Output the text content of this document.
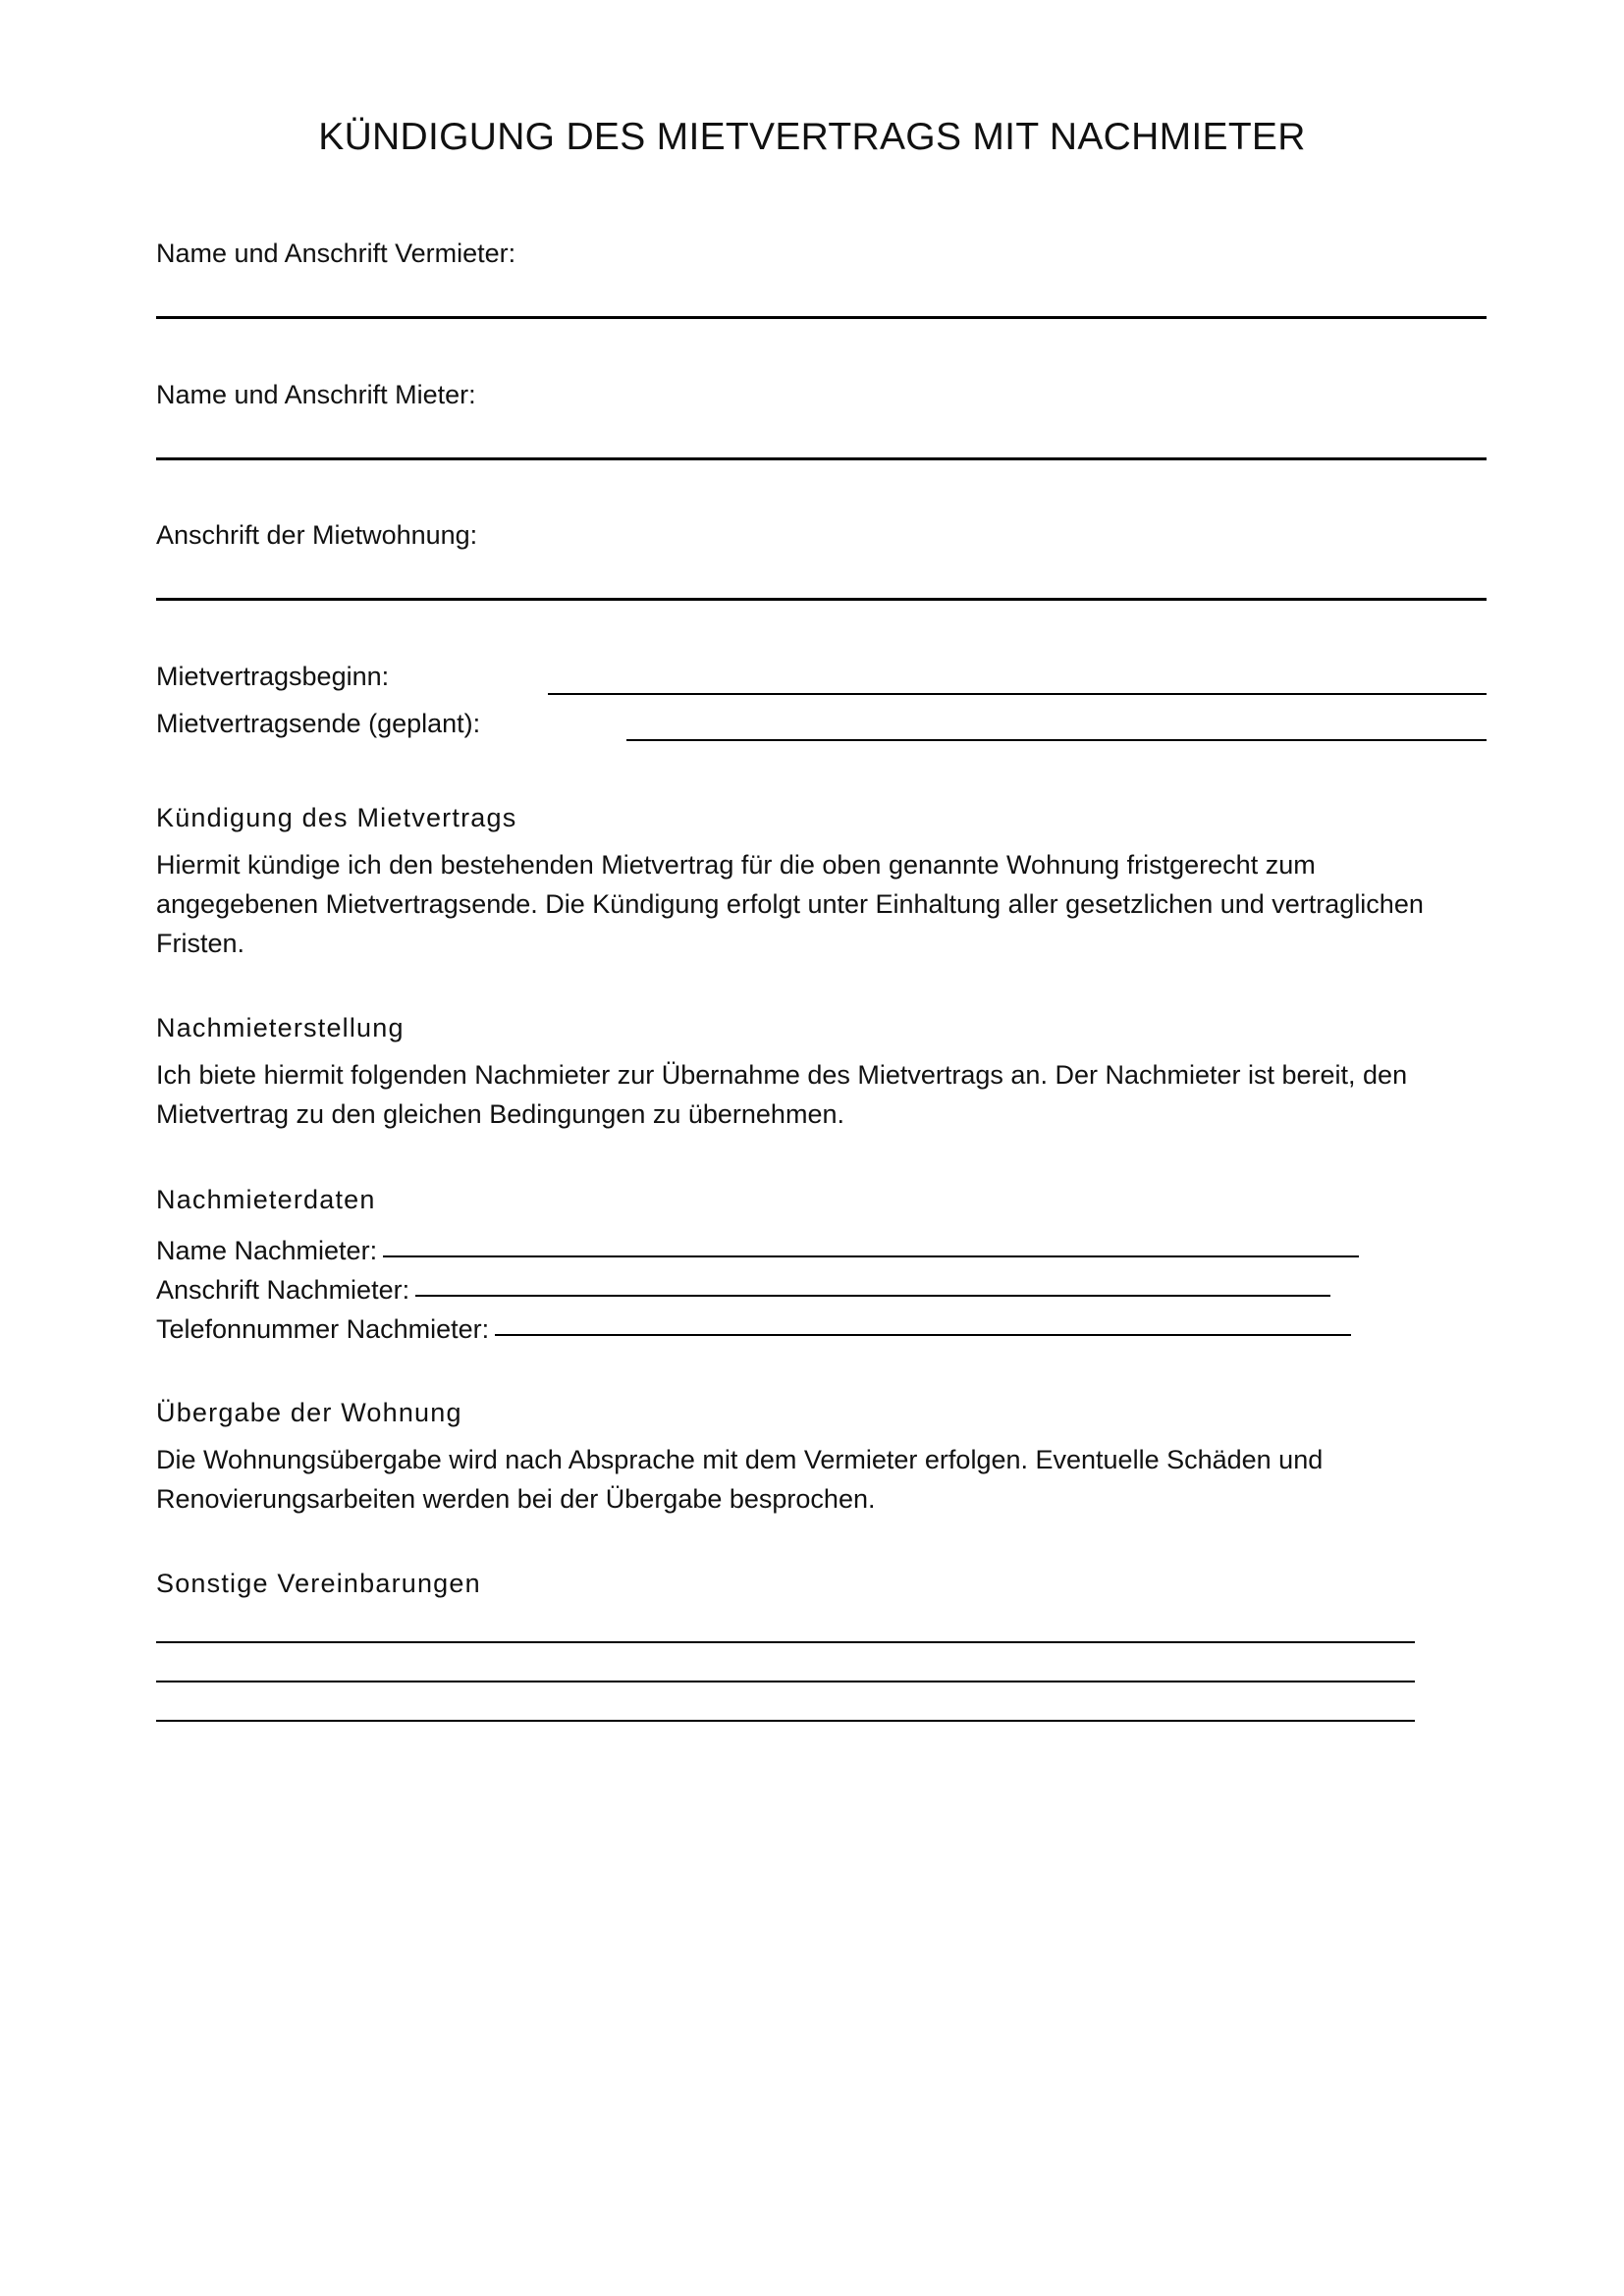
KÜNDIGUNG DES MIETVERTRAGS MIT NACHMIETER
Name und Anschrift Vermieter:
Name und Anschrift Mieter:
Anschrift der Mietwohnung:
Mietvertragsbeginn:
Mietvertragsende (geplant):
Kündigung des Mietvertrags
Hiermit kündige ich den bestehenden Mietvertrag für die oben genannte Wohnung fristgerecht zum
angegebenen Mietvertragsende. Die Kündigung erfolgt unter Einhaltung aller gesetzlichen und vertraglichen
Fristen.
Nachmieterstellung
Ich biete hiermit folgenden Nachmieter zur Übernahme des Mietvertrags an. Der Nachmieter ist bereit, den
Mietvertrag zu den gleichen Bedingungen zu übernehmen.
Nachmieterdaten
Name Nachmieter:
Anschrift Nachmieter:
Telefonnummer Nachmieter:
Übergabe der Wohnung
Die Wohnungsübergabe wird nach Absprache mit dem Vermieter erfolgen. Eventuelle Schäden und
Renovierungsarbeiten werden bei der Übergabe besprochen.
Sonstige Vereinbarungen
